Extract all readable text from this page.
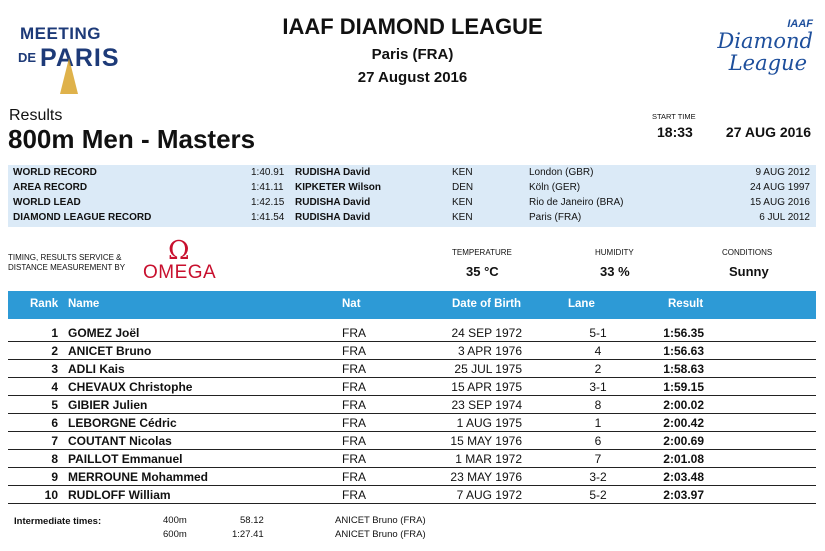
MEETING
DE PARIS
IAAF DIAMOND LEAGUE
Paris (FRA)
27 August 2016
IAAF
Diamond
League
Results
800m Men - Masters
START TIME
18:33 27 AUG 2016
WORLD RECORD	1:40.91 RUDISHA David	KEN	London (GBR)	9 AUG 2012
AREA RECORD	1:41.11 KIPKETER Wilson	DEN	Köln (GER)	24 AUG 1997
WORLD LEAD	1:42.15 RUDISHA David	KEN	Rio de Janeiro (BRA)	15 AUG 2016
DIAMOND LEAGUE RECORD	1:41.54 RUDISHA David	KEN	Paris (FRA)	6 JUL 2012
TIMING, RESULTS SERVICE &
DISTANCE MEASUREMENT BY
Ω
OMEGA
TEMPERATURE
35 °C
HUMIDITY
33 %
CONDITIONS
Sunny
Rank Name	Nat	Date of Birth	Lane	Result
1 GOMEZ Joël	FRA	24 SEP 1972	5-1	1:56.35
2 ANICET Bruno	FRA	3 APR 1976	4	1:56.63
3 ADLI Kais	FRA	25 JUL 1975	2	1:58.63
4 CHEVAUX Christophe	FRA	15 APR 1975	3-1	1:59.15
5 GIBIER Julien	FRA	23 SEP 1974	8	2:00.02
6 LEBORGNE Cédric	FRA	1 AUG 1975	1	2:00.42
7 COUTANT Nicolas	FRA	15 MAY 1976	6	2:00.69
8 PAILLOT Emmanuel	FRA	1 MAR 1972	7	2:01.08
9 MERROUNE Mohammed	FRA	23 MAY 1976	3-2	2:03.48
10 RUDLOFF William	FRA	7 AUG 1972	5-2	2:03.97
Intermediate times:	400m	58.12	ANICET Bruno (FRA)
600m	1:27.41	ANICET Bruno (FRA)
